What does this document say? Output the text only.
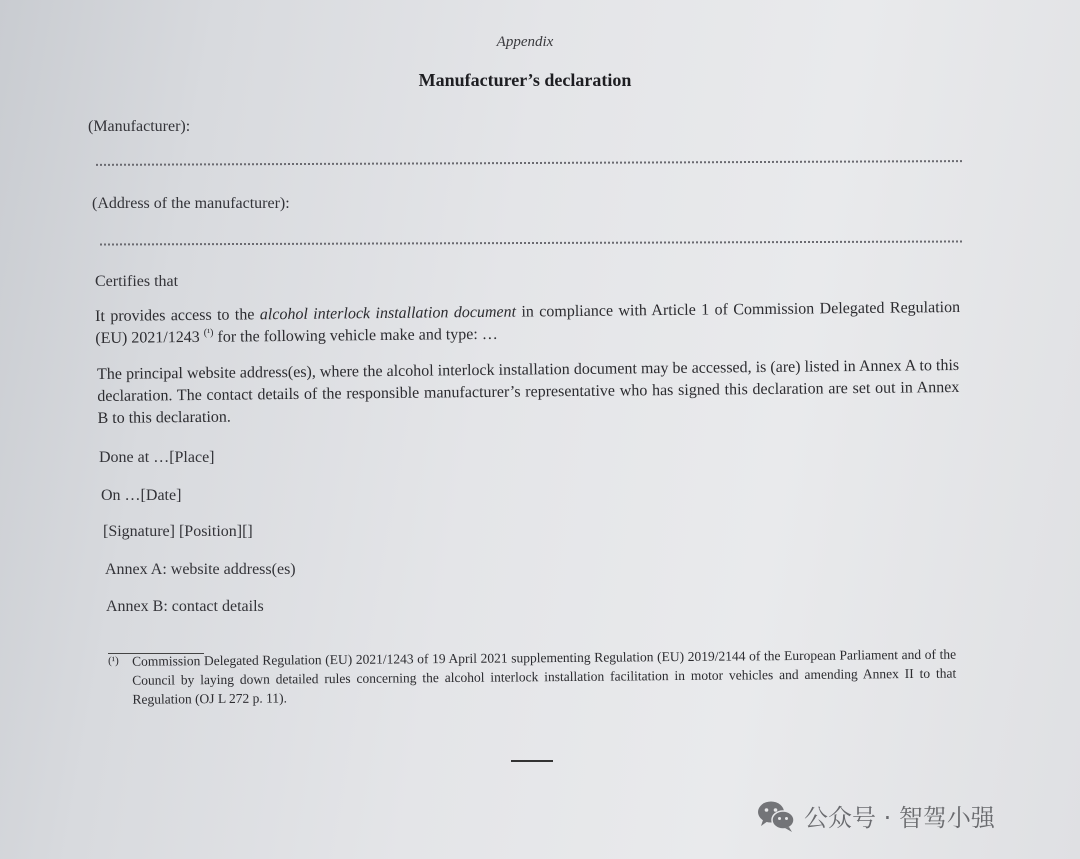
Appendix
Manufacturer’s declaration
(Manufacturer):
(Address of the manufacturer):
Certifies that
It provides access to the alcohol interlock installation document in compliance with Article 1 of Commission Delegated Regulation (EU) 2021/1243 $^{(^1)}$ for the following vehicle make and type: …
The principal website address(es), where the alcohol interlock installation document may be accessed, is (are) listed in Annex A to this declaration. The contact details of the responsible manufacturer’s representative who has signed this declaration are set out in Annex B to this declaration.
Done at …[Place]
On …[Date]
[Signature] [Position][]
Annex A: website address(es)
Annex B: contact details
(¹) Commission Delegated Regulation (EU) 2021/1243 of 19 April 2021 supplementing Regulation (EU) 2019/2144 of the European Parliament and of the Council by laying down detailed rules concerning the alcohol interlock installation facilitation in motor vehicles and amending Annex II to that Regulation (OJ L 272 p. 11).
公众号 · 智驾小强
